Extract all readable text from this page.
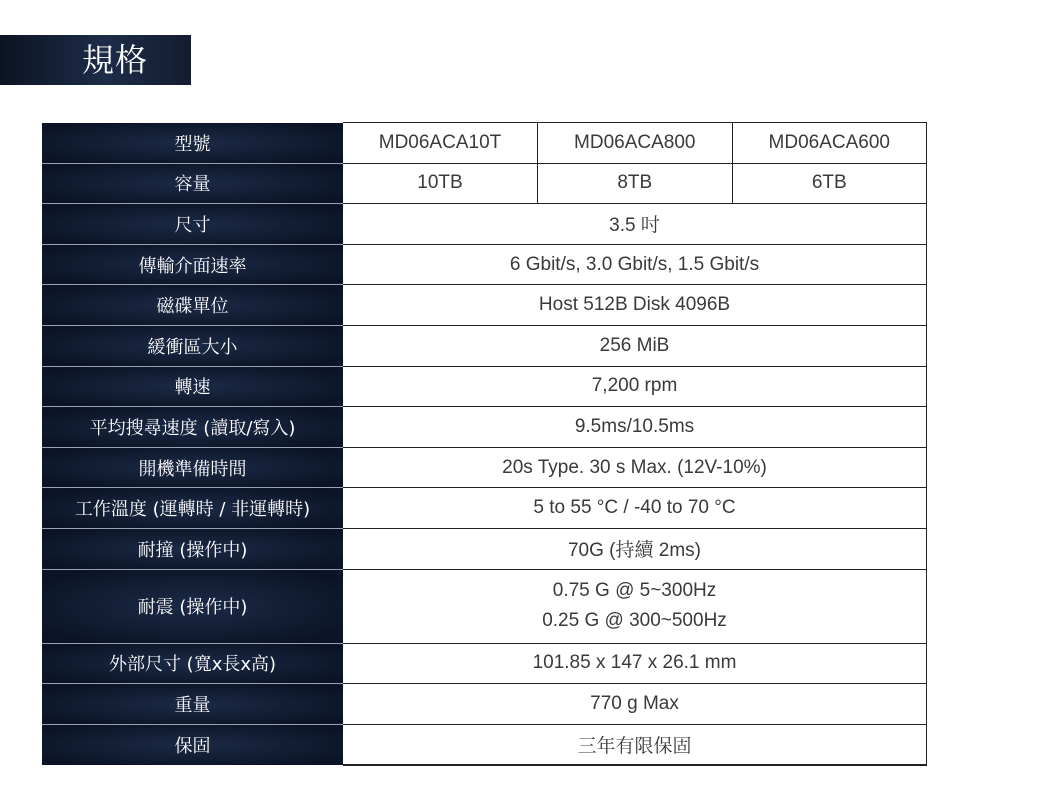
規格
型號	MD06ACA10T	MD06ACA800	MD06ACA600
容量	10TB	8TB	6TB
尺寸	3.5 吋		
傳輸介面速率	6 Gbit/s, 3.0 Gbit/s, 1.5 Gbit/s		
磁碟單位	Host 512B Disk 4096B		
緩衝區大小	256 MiB		
轉速	7,200 rpm		
平均搜尋速度 (讀取/寫入)	9.5ms/10.5ms		
開機準備時間	20s Type. 30 s Max. (12V-10%)		
工作溫度 (運轉時 / 非運轉時)	5 to 55 °C / -40 to 70 °C		
耐撞 (操作中)	70G (持續 2ms)		
耐震 (操作中)	0.75 G @ 5~300Hz
0.25 G @ 300~500Hz		

外部尺寸 (寬x長x高)	101.85 x 147 x 26.1 mm		
重量	770 g Max		
保固	三年有限保固		
